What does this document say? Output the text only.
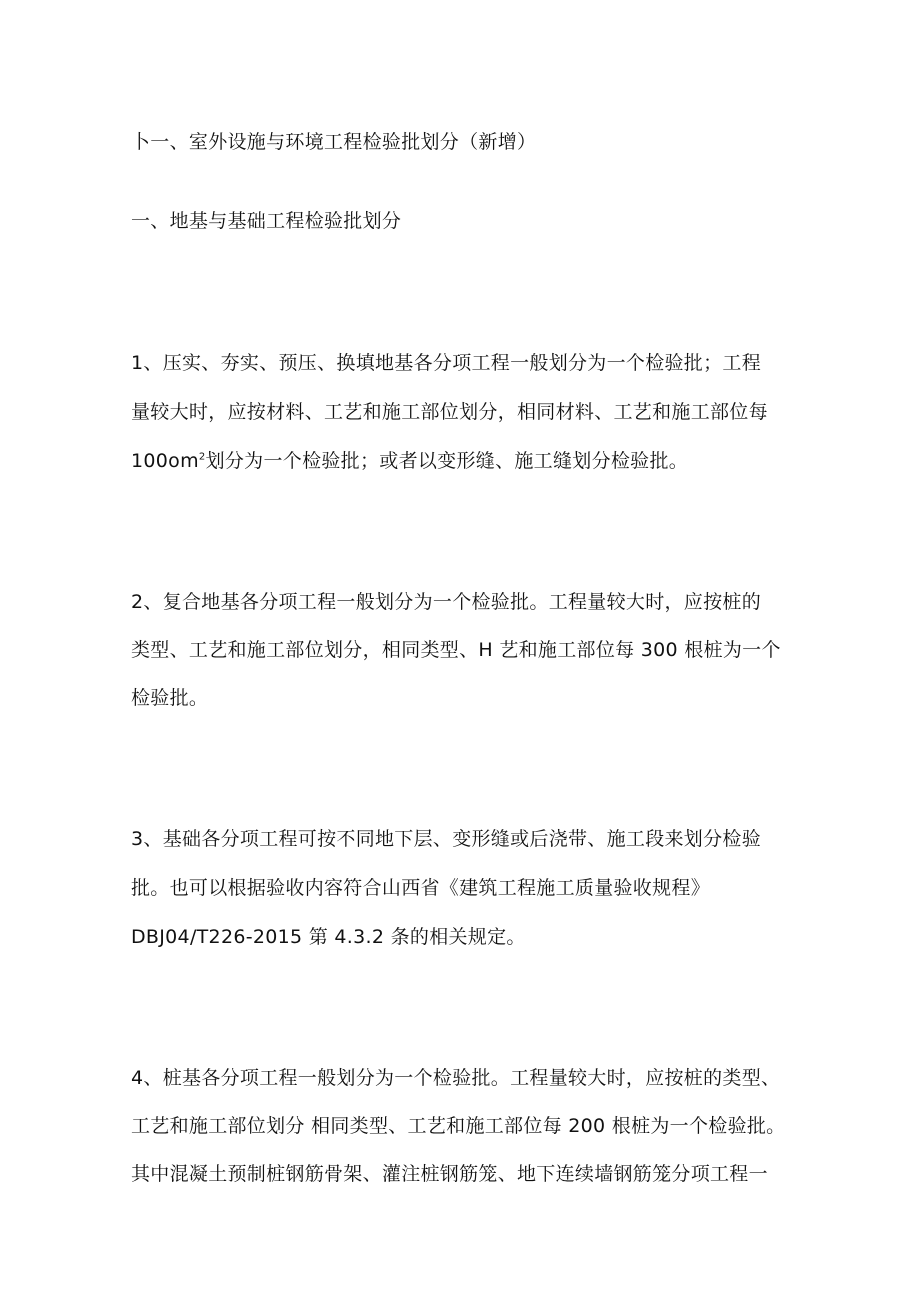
卜一、室外设施与环境工程检验批划分（新增）
一、地基与基础工程检验批划分
1、压实、夯实、预压、换填地基各分项工程一般划分为一个检验批；工程
量较大时，应按材料、工艺和施工部位划分，相同材料、工艺和施工部位每
$100om^2$划分为一个检验批；或者以变形缝、施工缝划分检验批。
2、复合地基各分项工程一般划分为一个检验批。工程量较大时，应按桩的
类型、工艺和施工部位划分，相同类型、H 艺和施工部位每 300 根桩为一个
检验批。
3、基础各分项工程可按不同地下层、变形缝或后浇带、施工段来划分检验
批。也可以根据验收内容符合山西省《建筑工程施工质量验收规程》
DBJ04/T226-2015 第 4.3.2 条的相关规定。
4、桩基各分项工程一般划分为一个检验批。工程量较大时，应按桩的类型、
工艺和施工部位划分 相同类型、工艺和施工部位每 200 根桩为一个检验批。
其中混凝土预制桩钢筋骨架、灌注桩钢筋笼、地下连续墙钢筋笼分项工程一
